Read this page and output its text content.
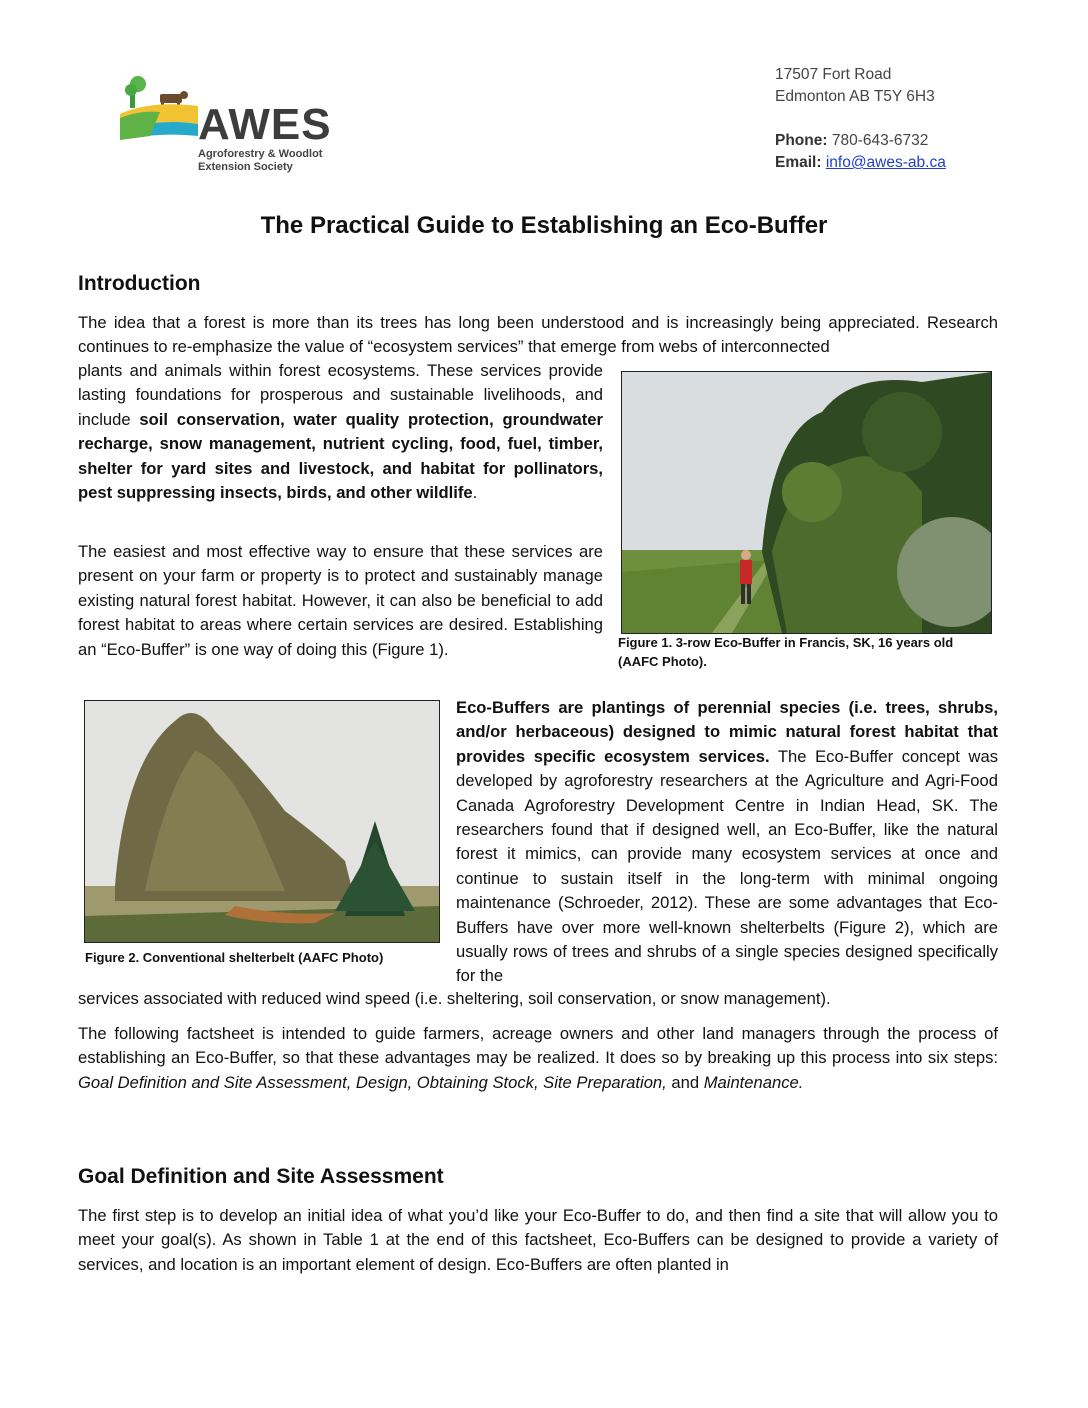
AWES
Agroforestry & Woodlot
Extension Society
17507 Fort Road
Edmonton AB T5Y 6H3
Phone: 780-643-6732
Email: info@awes-ab.ca
The Practical Guide to Establishing an Eco-Buffer
Introduction

The idea that a forest is more than its trees has long been understood and is increasingly being appreciated. Research continues to re-emphasize the value of “ecosystem services” that emerge from webs of interconnected

plants and animals within forest ecosystems. These services provide lasting foundations for prosperous and sustainable livelihoods, and include soil conservation, water quality protection, groundwater recharge, snow management, nutrient cycling, food, fuel, timber, shelter for yard sites and livestock, and habitat for pollinators, pest suppressing insects, birds, and other wildlife.

The easiest and most effective way to ensure that these services are present on your farm or property is to protect and sustainably manage existing natural forest habitat. However, it can also be beneficial to add forest habitat to areas where certain services are desired. Establishing an “Eco-Buffer” is one way of doing this (Figure 1).	Figure 1. 3-row Eco-Buffer in Francis, SK, 16 years old (AAFC Photo).
Figure 2. Conventional shelterbelt (AAFC Photo)

Eco-Buffers are plantings of perennial species (i.e. trees, shrubs, and/or herbaceous) designed to mimic natural forest habitat that provides specific ecosystem services. The Eco-Buffer concept was developed by agroforestry researchers at the Agriculture and Agri-Food Canada Agroforestry Development Centre in Indian Head, SK. The researchers found that if designed well, an Eco-Buffer, like the natural forest it mimics, can provide many ecosystem services at once and continue to sustain itself in the long-term with minimal ongoing maintenance (Schroeder, 2012). These are some advantages that Eco-Buffers have over more well-known shelterbelts (Figure 2), which are usually rows of trees and shrubs of a single species designed specifically for the

services associated with reduced wind speed (i.e. sheltering, soil conservation, or snow management).

The following factsheet is intended to guide farmers, acreage owners and other land managers through the process of establishing an Eco-Buffer, so that these advantages may be realized. It does so by breaking up this process into six steps: Goal Definition and Site Assessment, Design, Obtaining Stock, Site Preparation, and Maintenance.

Goal Definition and Site Assessment

The first step is to develop an initial idea of what you’d like your Eco-Buffer to do, and then find a site that will allow you to meet your goal(s). As shown in Table 1 at the end of this factsheet, Eco-Buffers can be designed to provide a variety of services, and location is an important element of design. Eco-Buffers are often planted in
